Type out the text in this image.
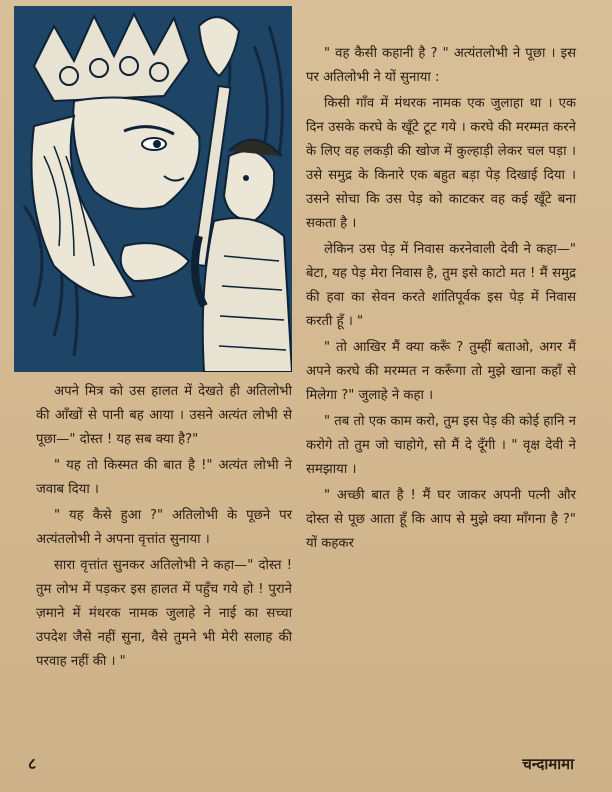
अपने मित्र को उस हालत में देखते ही अतिलोभी की आँखों से पानी बह आया । उसने अत्यंत लोभी से पूछा—" दोस्त ! यह सब क्या है?"

" यह तो किस्मत की बात है !" अत्यंत लोभी ने जवाब दिया ।

" यह कैसे हुआ ?" अतिलोभी के पूछने पर अत्यंतलोभी ने अपना वृत्तांत सुनाया ।

सारा वृत्तांत सुनकर अतिलोभी ने कहा—" दोस्त ! तुम लोभ में पड़कर इस हालत में पहुँच गये हो ! पुराने ज़माने में मंथरक नामक जुलाहे ने नाई का सच्चा उपदेश जैसे नहीं सुना, वैसे तुमने भी मेरी सलाह की परवाह नहीं की । "

" वह कैसी कहानी है ? " अत्यंतलोभी ने पूछा । इस पर अतिलोभी ने यों सुनाया :

किसी गाँव में मंथरक नामक एक जुलाहा था । एक दिन उसके करघे के खूँटे टूट गये । करघे की मरम्मत करने के लिए वह लकड़ी की खोज में कुल्हाड़ी लेकर चल पड़ा । उसे समुद्र के किनारे एक बहुत बड़ा पेड़ दिखाई दिया । उसने सोचा कि उस पेड़ को काटकर वह कई खूँटे बना सकता है ।

लेकिन उस पेड़ में निवास करनेवाली देवी ने कहा—" बेटा, यह पेड़ मेरा निवास है, तुम इसे काटो मत ! मैं समुद्र की हवा का सेवन करते शांतिपूर्वक इस पेड़ में निवास करती हूँ । "

" तो आखिर मैं क्या करूँ ? तुम्हीं बताओ, अगर मैं अपने करघे की मरम्मत न करूँगा तो मुझे खाना कहाँ से मिलेगा ?" जुलाहे ने कहा ।

" तब तो एक काम करो, तुम इस पेड़ की कोई हानि न करोगे तो तुम जो चाहोगे, सो मैं दे दूँगी । " वृक्ष देवी ने समझाया ।

" अच्छी बात है ! मैं घर जाकर अपनी पत्नी और दोस्त से पूछ आता हूँ कि आप से मुझे क्या माँगना है ?" यों कहकर

८	चन्दामामा
